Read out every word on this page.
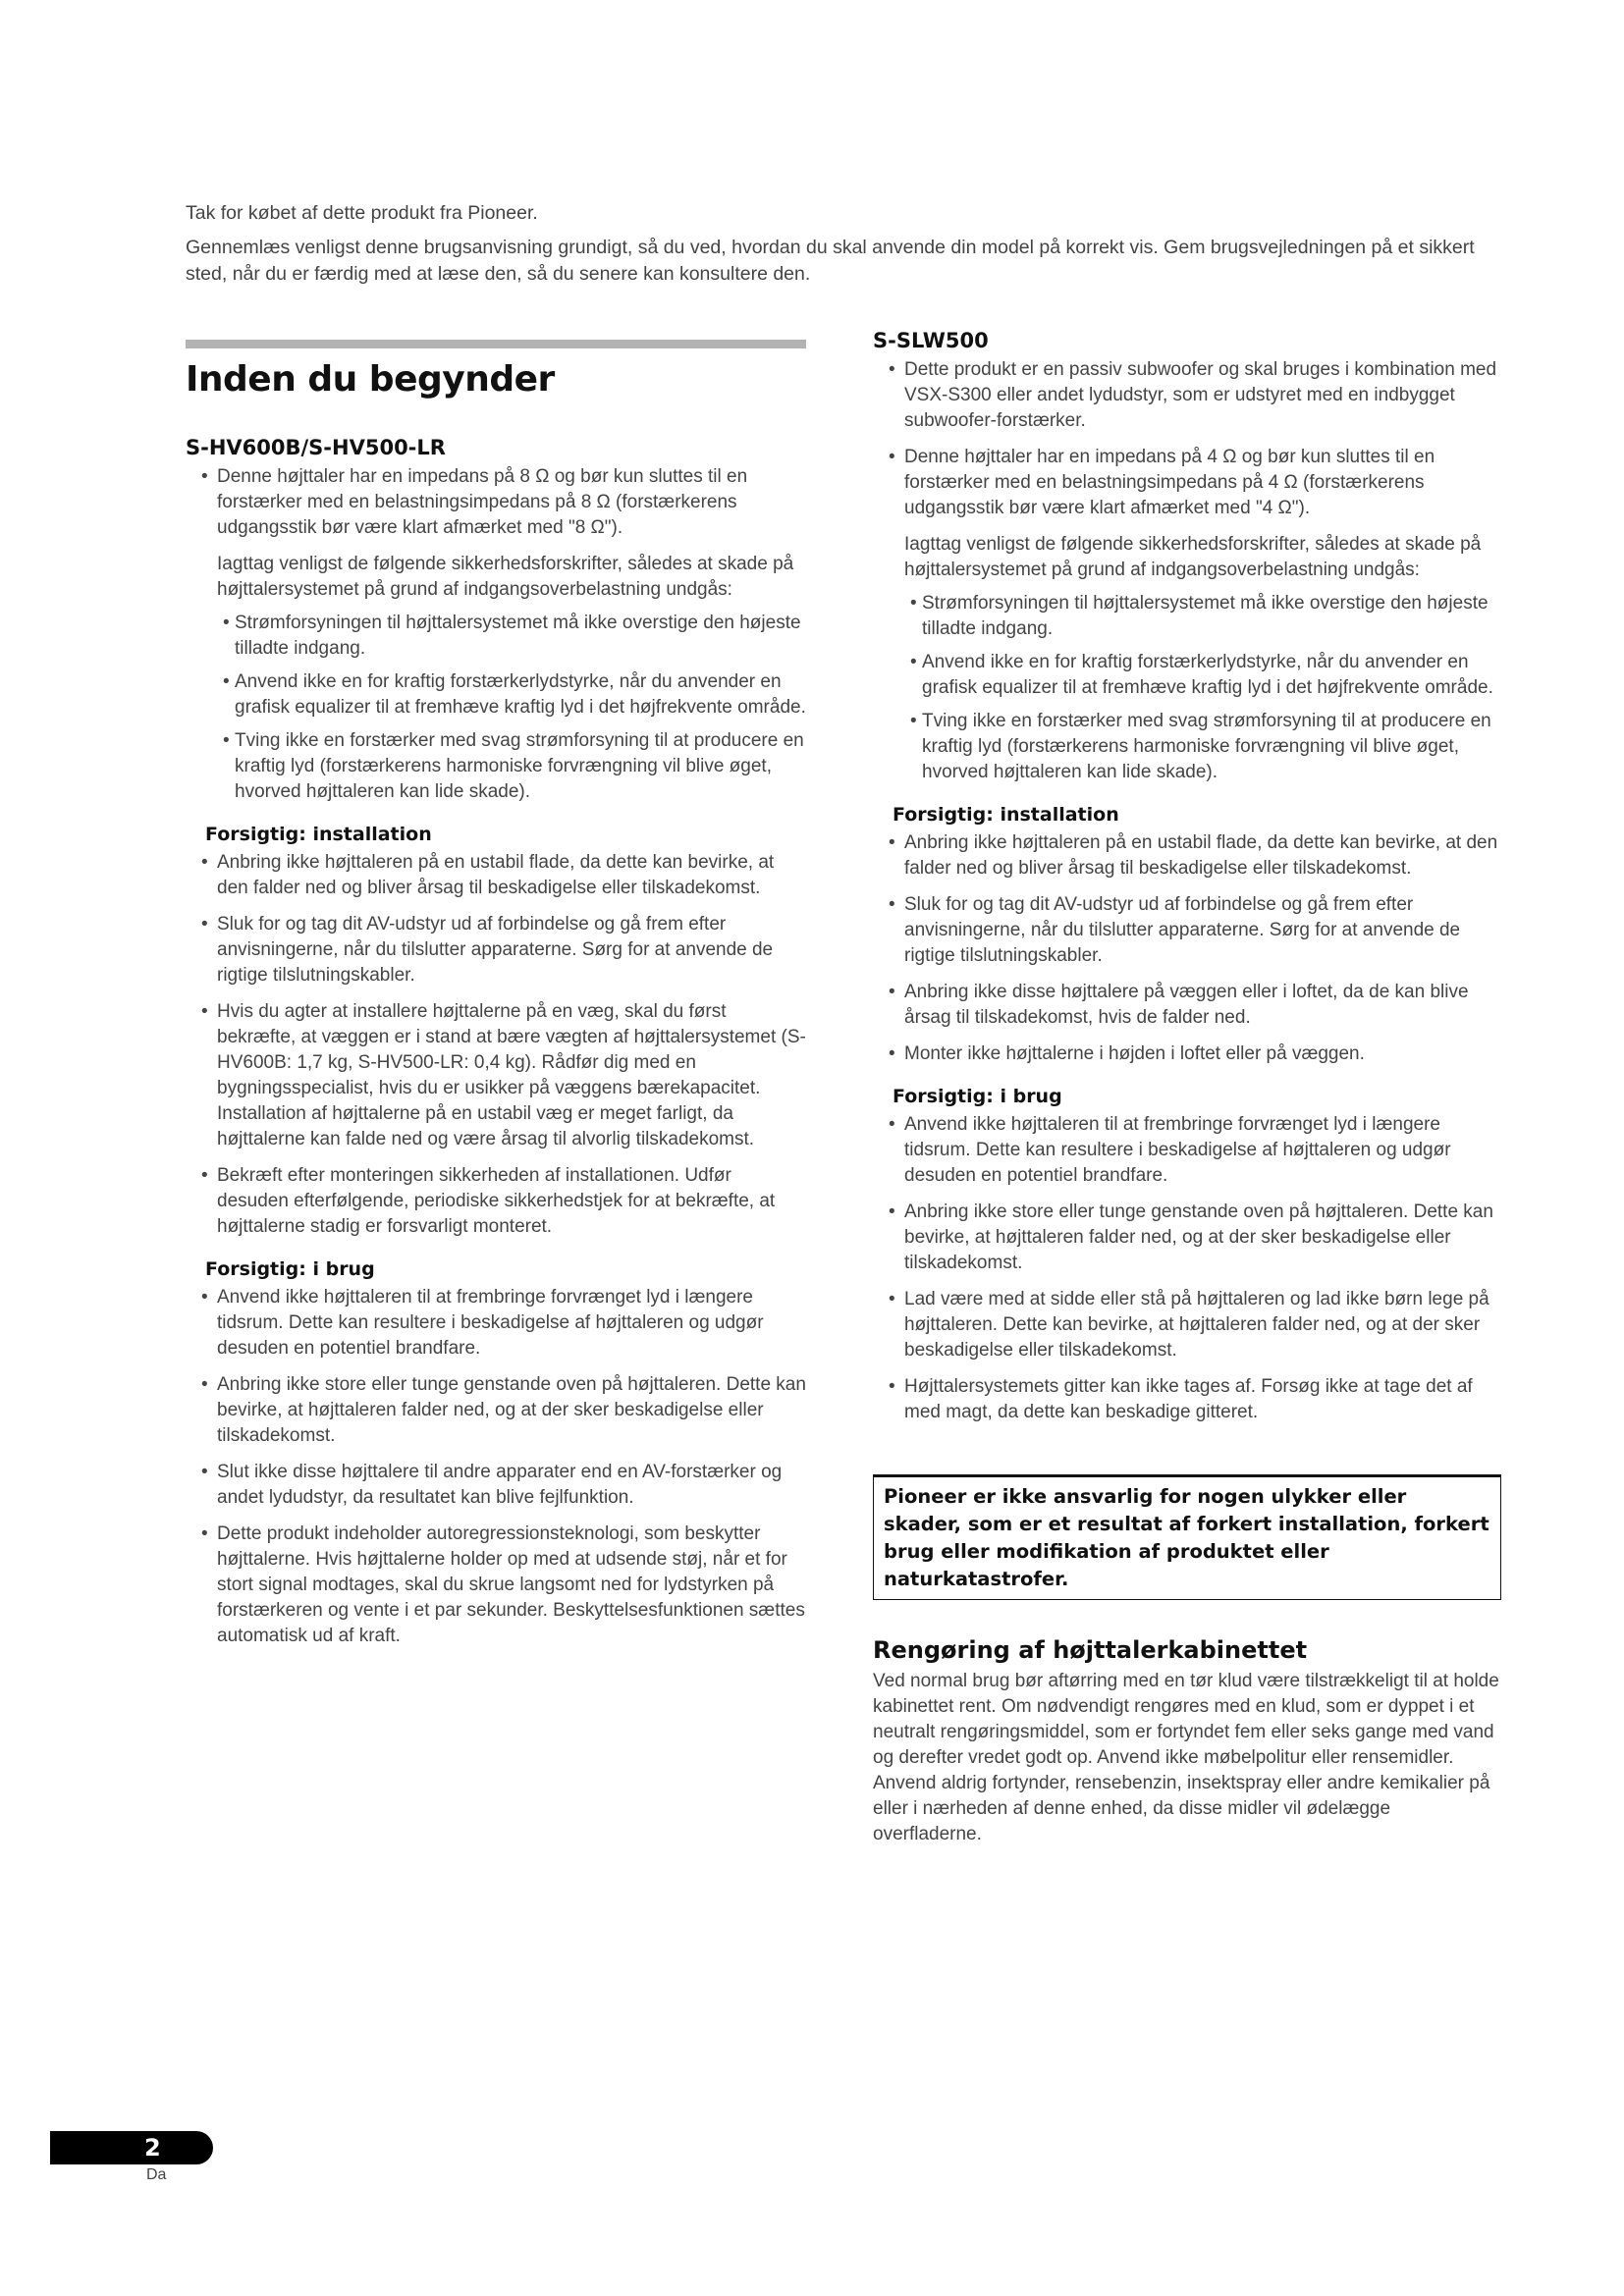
Tak for købet af dette produkt fra Pioneer.

Gennemlæs venligst denne brugsanvisning grundigt, så du ved, hvordan du skal anvende din model på korrekt vis. Gem brugsvejledningen på et sikkert sted, når du er færdig med at læse den, så du senere kan konsultere den.

Inden du begynder
S-HV600B/S-HV500-LR
• Denne højttaler har en impedans på 8 Ω og bør kun sluttes til en forstærker med en belastningsimpedans på 8 Ω (forstærkerens udgangsstik bør være klart afmærket med "8 Ω").

Iagttag venligst de følgende sikkerhedsforskrifter, således at skade på højttalersystemet på grund af indgangsoverbelastning undgås:

• Strømforsyningen til højttalersystemet må ikke overstige den højeste tilladte indgang.
• Anvend ikke en for kraftig forstærkerlydstyrke, når du anvender en grafisk equalizer til at fremhæve kraftig lyd i det højfrekvente område.
• Tving ikke en forstærker med svag strømforsyning til at producere en kraftig lyd (forstærkerens harmoniske forvrængning vil blive øget, hvorved højttaleren kan lide skade).
Forsigtig: installation
• Anbring ikke højttaleren på en ustabil flade, da dette kan bevirke, at den falder ned og bliver årsag til beskadigelse eller tilskadekomst.
• Sluk for og tag dit AV-udstyr ud af forbindelse og gå frem efter anvisningerne, når du tilslutter apparaterne. Sørg for at anvende de rigtige tilslutningskabler.
• Hvis du agter at installere højttalerne på en væg, skal du først bekræfte, at væggen er i stand at bære vægten af højttalersystemet (S-HV600B: 1,7 kg, S-HV500-LR: 0,4 kg). Rådfør dig med en bygningsspecialist, hvis du er usikker på væggens bærekapacitet. Installation af højttalerne på en ustabil væg er meget farligt, da højttalerne kan falde ned og være årsag til alvorlig tilskadekomst.
• Bekræft efter monteringen sikkerheden af installationen. Udfør desuden efterfølgende, periodiske sikkerhedstjek for at bekræfte, at højttalerne stadig er forsvarligt monteret.
Forsigtig: i brug
• Anvend ikke højttaleren til at frembringe forvrænget lyd i længere tidsrum. Dette kan resultere i beskadigelse af højttaleren og udgør desuden en potentiel brandfare.
• Anbring ikke store eller tunge genstande oven på højttaleren. Dette kan bevirke, at højttaleren falder ned, og at der sker beskadigelse eller tilskadekomst.
• Slut ikke disse højttalere til andre apparater end en AV-forstærker og andet lydudstyr, da resultatet kan blive fejlfunktion.
• Dette produkt indeholder autoregressionsteknologi, som beskytter højttalerne. Hvis højttalerne holder op med at udsende støj, når et for stort signal modtages, skal du skrue langsomt ned for lydstyrken på forstærkeren og vente i et par sekunder. Beskyttelsesfunktionen sættes automatisk ud af kraft.
S-SLW500
• Dette produkt er en passiv subwoofer og skal bruges i kombination med VSX-S300 eller andet lydudstyr, som er udstyret med en indbygget subwoofer-forstærker.
• Denne højttaler har en impedans på 4 Ω og bør kun sluttes til en forstærker med en belastningsimpedans på 4 Ω (forstærkerens udgangsstik bør være klart afmærket med "4 Ω").

Iagttag venligst de følgende sikkerhedsforskrifter, således at skade på højttalersystemet på grund af indgangsoverbelastning undgås:

• Strømforsyningen til højttalersystemet må ikke overstige den højeste tilladte indgang.
• Anvend ikke en for kraftig forstærkerlydstyrke, når du anvender en grafisk equalizer til at fremhæve kraftig lyd i det højfrekvente område.
• Tving ikke en forstærker med svag strømforsyning til at producere en kraftig lyd (forstærkerens harmoniske forvrængning vil blive øget, hvorved højttaleren kan lide skade).
Forsigtig: installation
• Anbring ikke højttaleren på en ustabil flade, da dette kan bevirke, at den falder ned og bliver årsag til beskadigelse eller tilskadekomst.
• Sluk for og tag dit AV-udstyr ud af forbindelse og gå frem efter anvisningerne, når du tilslutter apparaterne. Sørg for at anvende de rigtige tilslutningskabler.
• Anbring ikke disse højttalere på væggen eller i loftet, da de kan blive årsag til tilskadekomst, hvis de falder ned.
• Monter ikke højttalerne i højden i loftet eller på væggen.
Forsigtig: i brug
• Anvend ikke højttaleren til at frembringe forvrænget lyd i længere tidsrum. Dette kan resultere i beskadigelse af højttaleren og udgør desuden en potentiel brandfare.
• Anbring ikke store eller tunge genstande oven på højttaleren. Dette kan bevirke, at højttaleren falder ned, og at der sker beskadigelse eller tilskadekomst.
• Lad være med at sidde eller stå på højttaleren og lad ikke børn lege på højttaleren. Dette kan bevirke, at højttaleren falder ned, og at der sker beskadigelse eller tilskadekomst.
• Højttalersystemets gitter kan ikke tages af. Forsøg ikke at tage det af med magt, da dette kan beskadige gitteret.
Pioneer er ikke ansvarlig for nogen ulykker eller skader, som er et resultat af forkert installation, forkert brug eller modifikation af produktet eller naturkatastrofer.
Rengøring af højttalerkabinettet

Ved normal brug bør aftørring med en tør klud være tilstrækkeligt til at holde kabinettet rent. Om nødvendigt rengøres med en klud, som er dyppet i et neutralt rengøringsmiddel, som er fortyndet fem eller seks gange med vand og derefter vredet godt op. Anvend ikke møbelpolitur eller rensemidler.

Anvend aldrig fortynder, rensebenzin, insektspray eller andre kemikalier på eller i nærheden af denne enhed, da disse midler vil ødelægge overfladerne.

2
Da
